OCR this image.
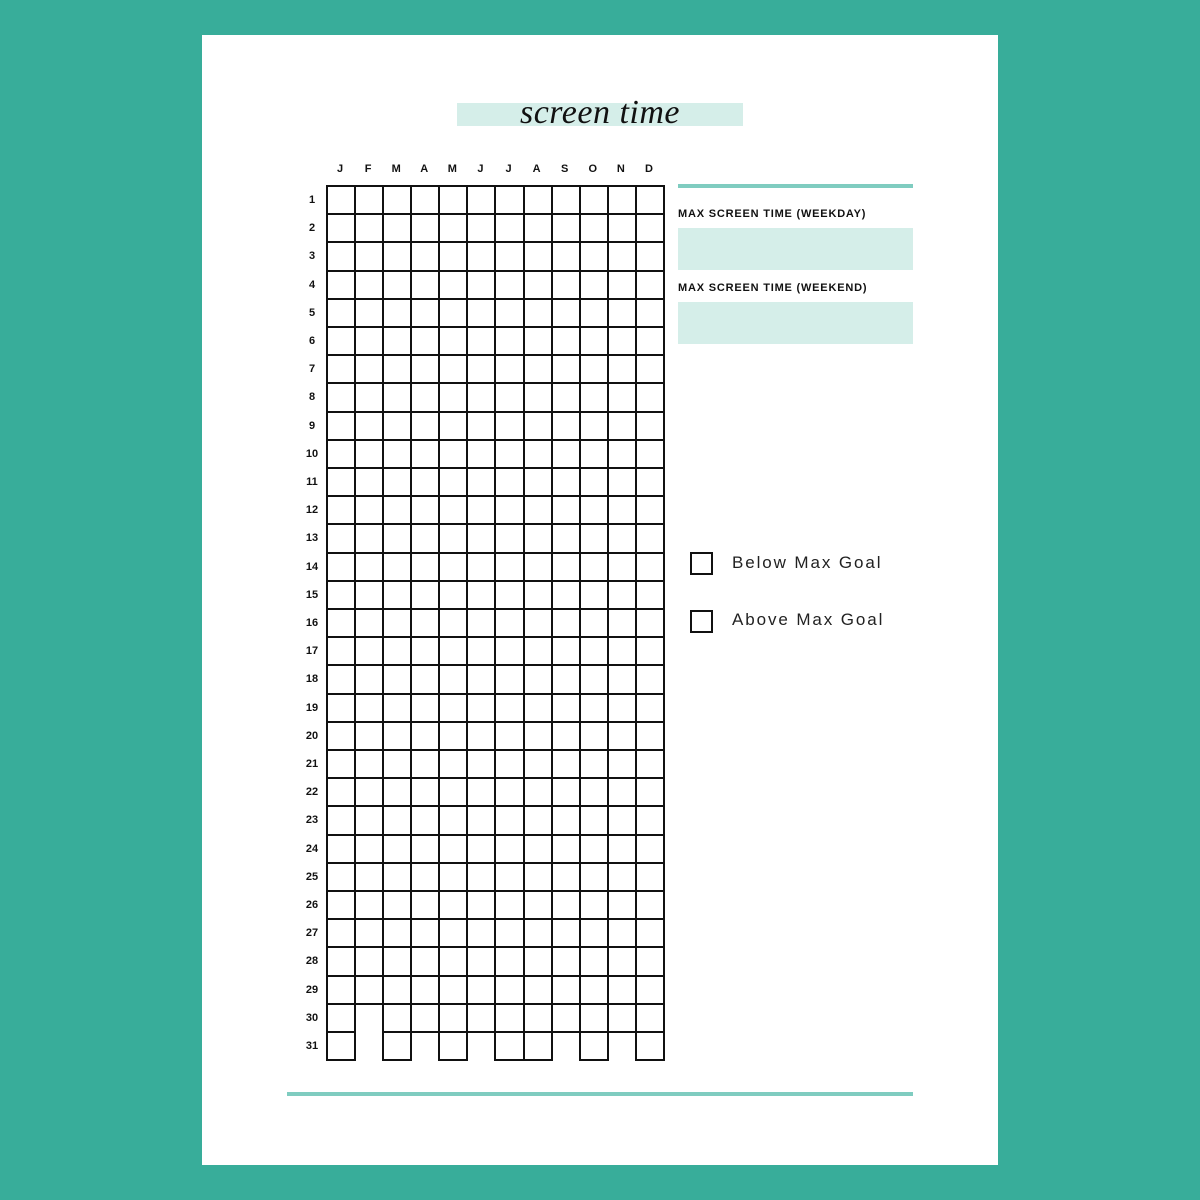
screen time
J	F	M	A	M	J	J	A	S	O	N	D
1
2
3
4
5
6
7
8
9
10
11
12
13
14
15
16
17
18
19
20
21
22
23
24
25
26
27
28
29
30
31
MAX SCREEN TIME (WEEKDAY)
MAX SCREEN TIME (WEEKEND)
Below Max Goal
Above Max Goal
